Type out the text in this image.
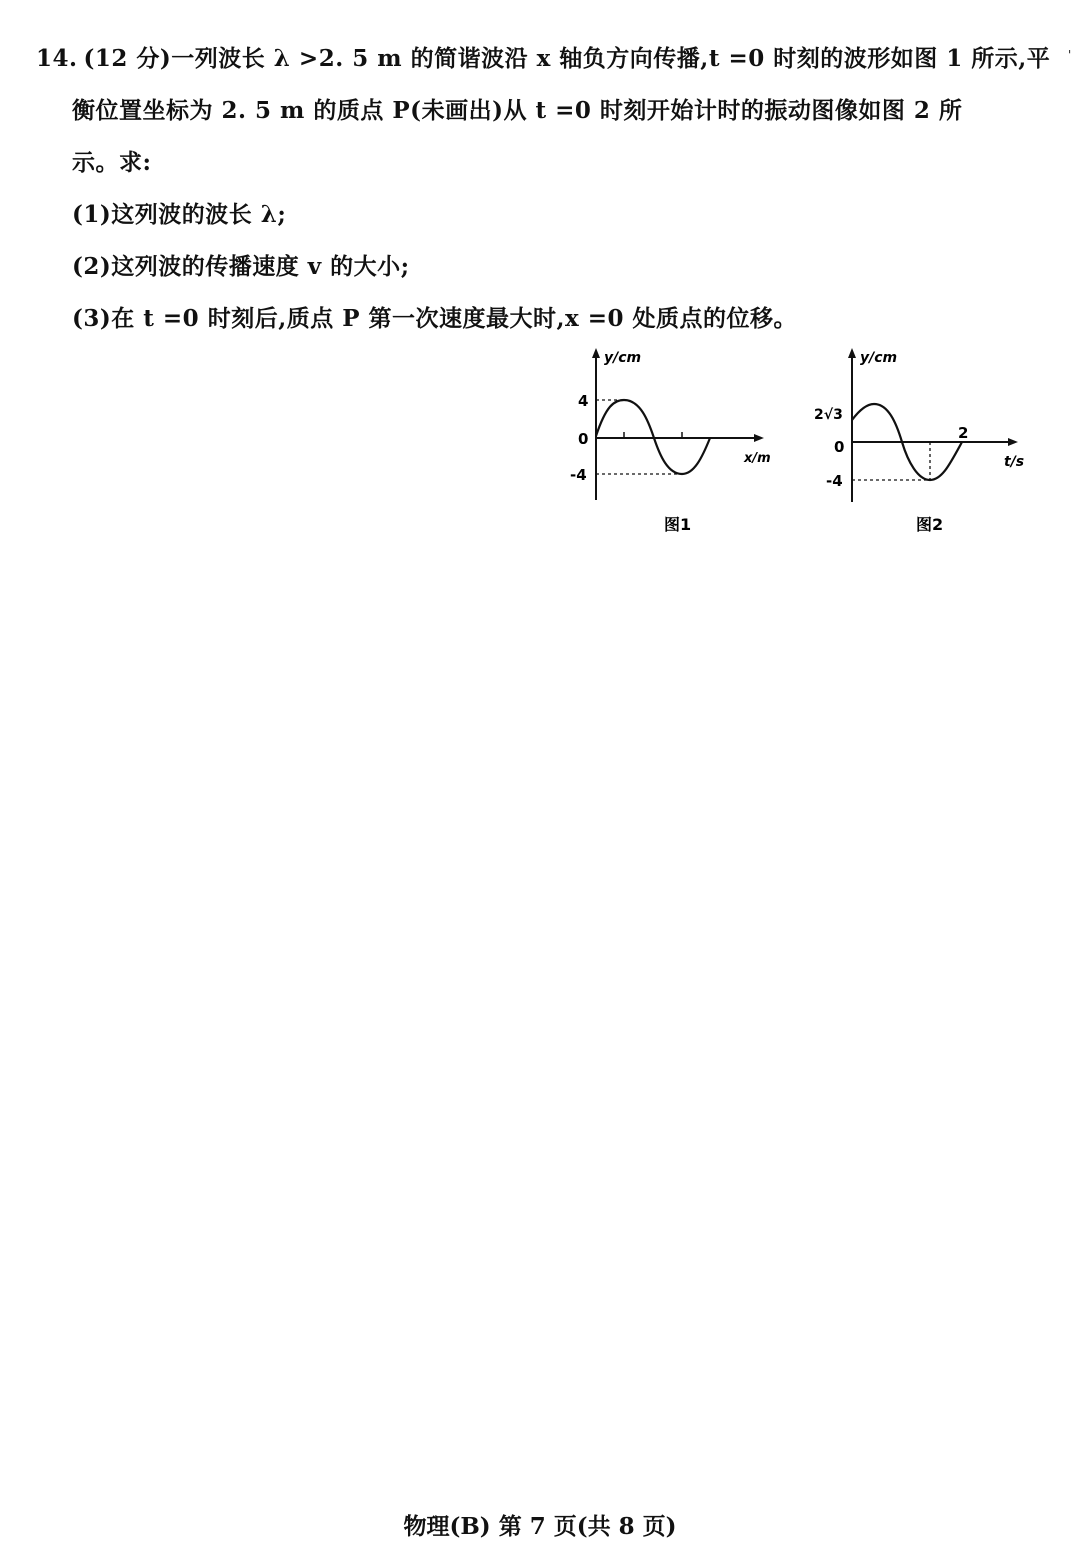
14. (12 分)一列波长 λ >2. 5 m 的简谐波沿 x 轴负方向传播,t =0 时刻的波形如图 1 所示,平
衡位置坐标为 2. 5 m 的质点 P(未画出)从 t =0 时刻开始计时的振动图像如图 2 所
示。求:
(1)这列波的波长 λ;
(2)这列波的传播速度 v 的大小;
(3)在 t =0 时刻后,质点 P 第一次速度最大时,x =0 处质点的位移。
y/cm
4
0
-4
x/m
图1
y/cm
2√3
0
-4
2
t/s
图2
'
物理(B) 第 7 页(共 8 页)
